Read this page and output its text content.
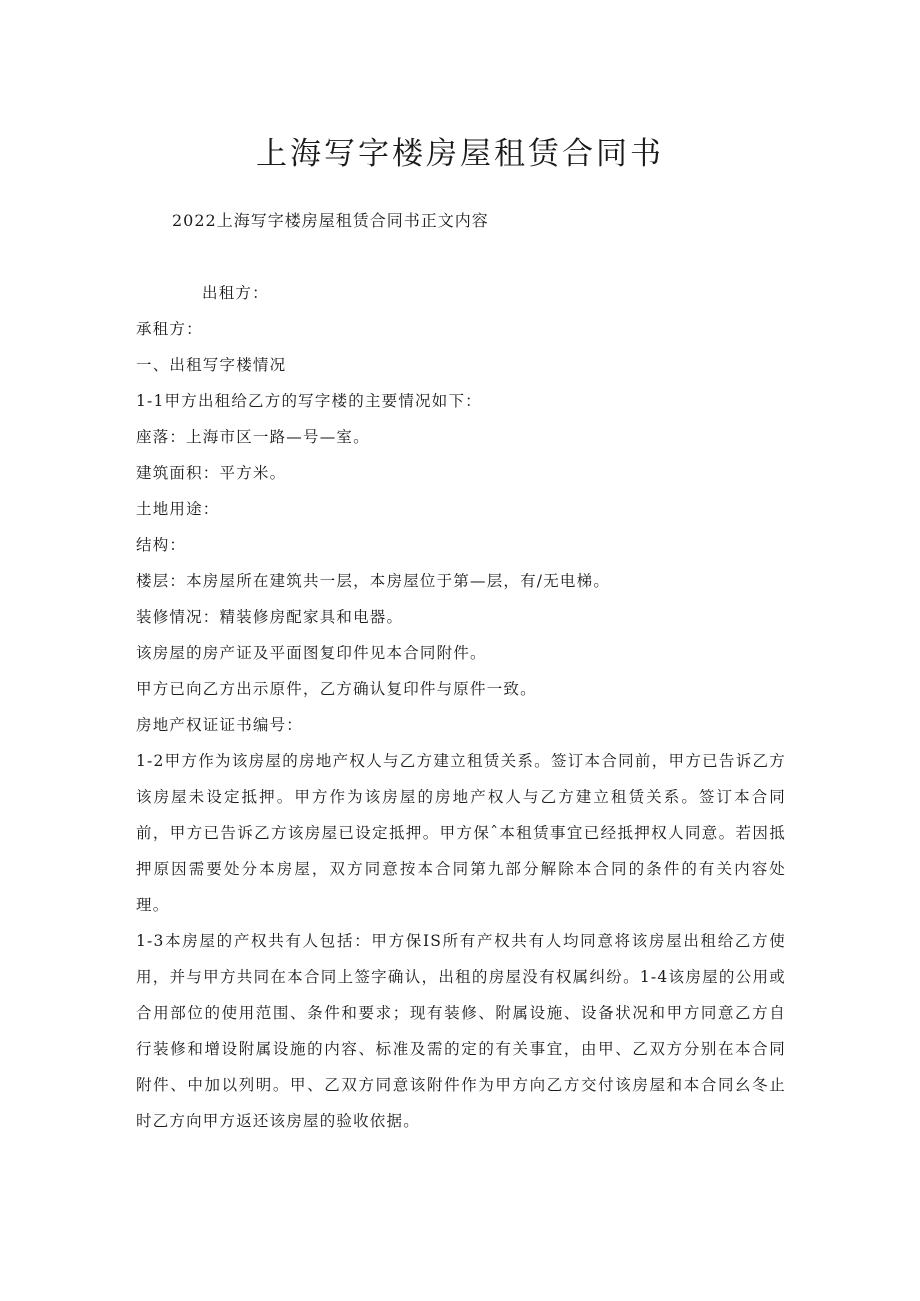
上海写字楼房屋租赁合同书
2022上海写字楼房屋租赁合同书正文内容
出租方：
承租方：
一、出租写字楼情况
1-1甲方出租给乙方的写字楼的主要情况如下：
座落：上海市区一路—号—室。
建筑面积：平方米。
土地用途：
结构：
楼层：本房屋所在建筑共一层，本房屋位于第—层，有/无电梯。
装修情况：精装修房配家具和电器。
该房屋的房产证及平面图复印件见本合同附件。
甲方已向乙方出示原件，乙方确认复印件与原件一致。
房地产权证证书编号：

1-2甲方作为该房屋的房地产权人与乙方建立租赁关系。签订本合同前，甲方已告诉乙方该房屋未设定抵押。甲方作为该房屋的房地产权人与乙方建立租赁关系。签订本合同前，甲方已告诉乙方该房屋已设定抵押。甲方保ˆ本租赁事宜已经抵押权人同意。若因抵押原因需要处分本房屋，双方同意按本合同第九部分解除本合同的条件的有关内容处理。

1-3本房屋的产权共有人包括：甲方保IS所有产权共有人均同意将该房屋出租给乙方使用，并与甲方共同在本合同上签字确认，出租的房屋没有权属纠纷。1-4该房屋的公用或合用部位的使用范围、条件和要求；现有装修、附属设施、设备状况和甲方同意乙方自行装修和增设附属设施的内容、标准及需的定的有关事宜，由甲、乙双方分别在本合同附件、中加以列明。甲、乙双方同意该附件作为甲方向乙方交付该房屋和本合同幺冬止时乙方向甲方返还该房屋的验收依据。
